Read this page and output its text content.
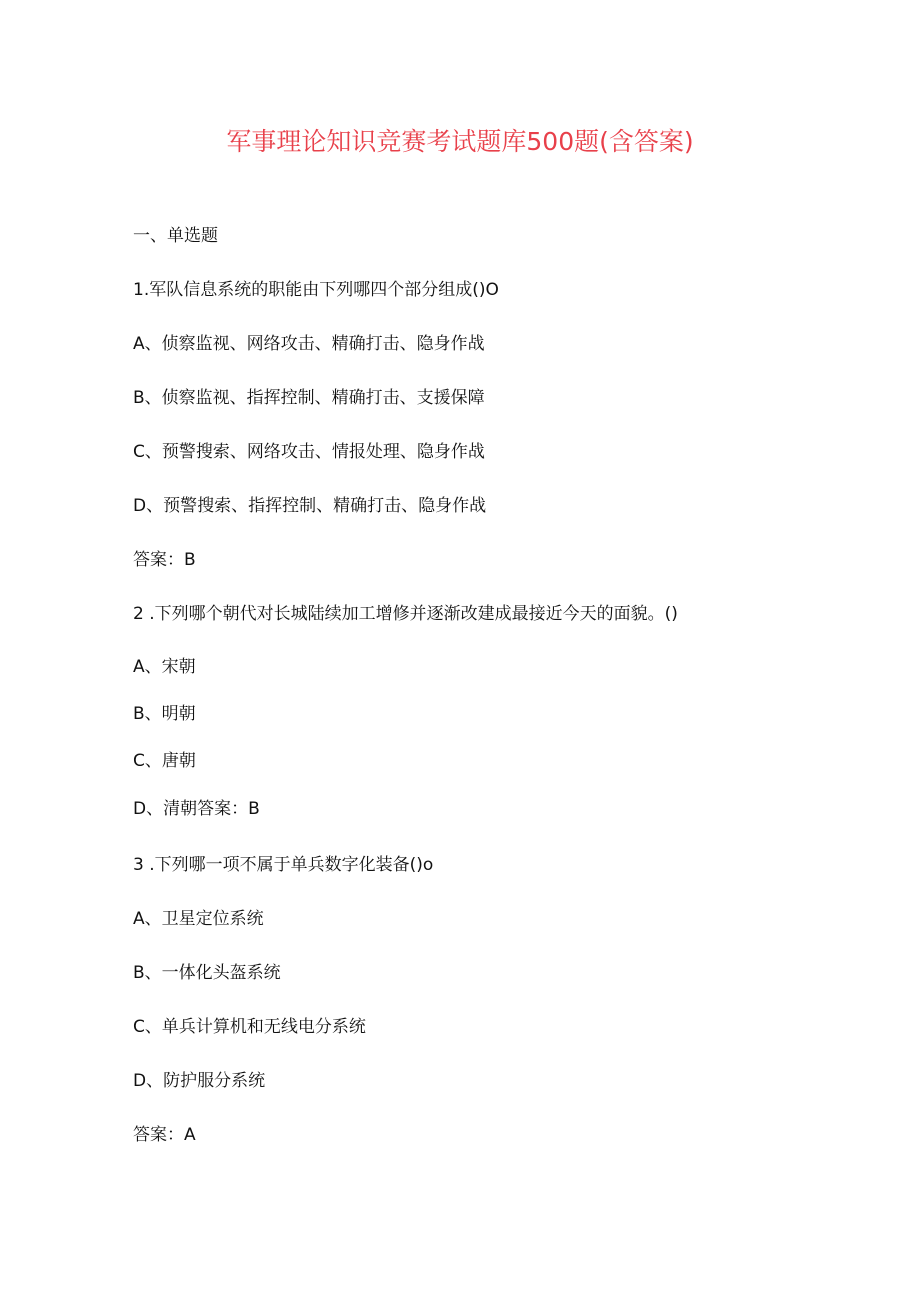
军事理论知识竞赛考试题库500题(含答案)
一、单选题
1.军队信息系统的职能由下列哪四个部分组成()O
A、侦察监视、网络攻击、精确打击、隐身作战
B、侦察监视、指挥控制、精确打击、支援保障
C、预警搜索、网络攻击、情报处理、隐身作战
D、预警搜索、指挥控制、精确打击、隐身作战
答案：B
2 .下列哪个朝代对长城陆续加工增修并逐渐改建成最接近今天的面貌。()
A、宋朝
B、明朝
C、唐朝
D、清朝答案：B
3 .下列哪一项不属于单兵数字化装备()o
A、卫星定位系统
B、一体化头盔系统
C、单兵计算机和无线电分系统
D、防护服分系统
答案：A
